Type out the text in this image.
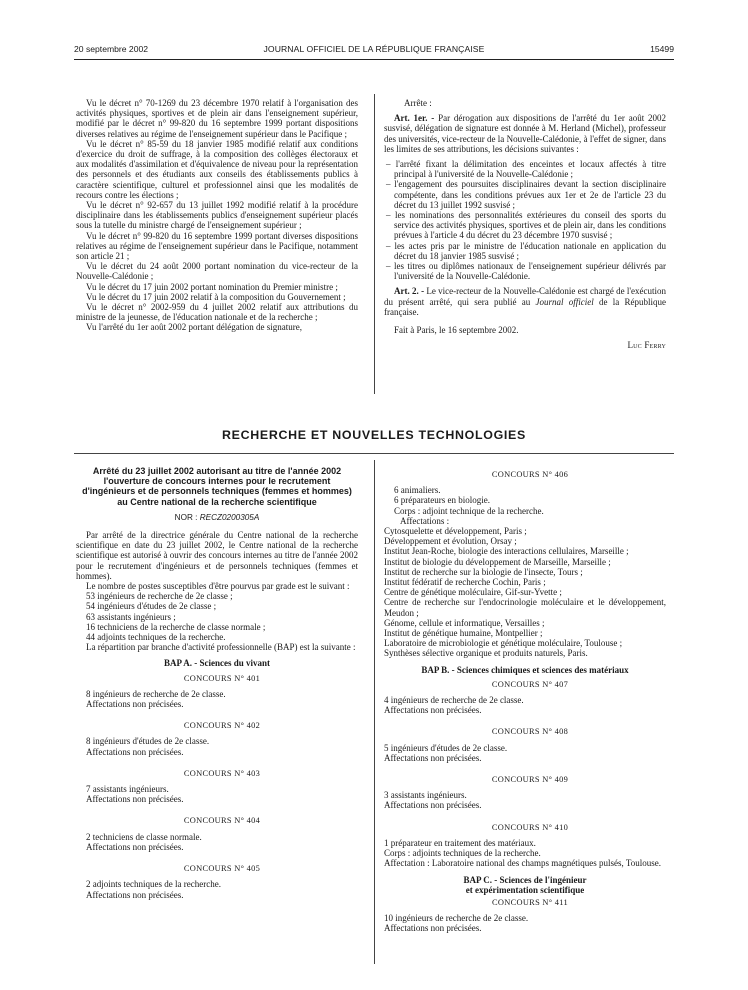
20 septembre 2002	JOURNAL OFFICIEL DE LA RÉPUBLIQUE FRANÇAISE	15499

Vu le décret n° 70-1269 du 23 décembre 1970 relatif à l'organisation des activités physiques, sportives et de plein air dans l'enseignement supérieur, modifié par le décret n° 99-820 du 16 septembre 1999 portant dispositions diverses relatives au régime de l'enseignement supérieur dans le Pacifique ;

Vu le décret n° 85-59 du 18 janvier 1985 modifié relatif aux conditions d'exercice du droit de suffrage, à la composition des collèges électoraux et aux modalités d'assimilation et d'équivalence de niveau pour la représentation des personnels et des étudiants aux conseils des établissements publics à caractère scientifique, culturel et professionnel ainsi que les modalités de recours contre les élections ;

Vu le décret n° 92-657 du 13 juillet 1992 modifié relatif à la procédure disciplinaire dans les établissements publics d'enseignement supérieur placés sous la tutelle du ministre chargé de l'enseignement supérieur ;

Vu le décret n° 99-820 du 16 septembre 1999 portant diverses dispositions relatives au régime de l'enseignement supérieur dans le Pacifique, notamment son article 21 ;

Vu le décret du 24 août 2000 portant nomination du vice-recteur de la Nouvelle-Calédonie ;

Vu le décret du 17 juin 2002 portant nomination du Premier ministre ;

Vu le décret du 17 juin 2002 relatif à la composition du Gouvernement ;

Vu le décret n° 2002-959 du 4 juillet 2002 relatif aux attributions du ministre de la jeunesse, de l'éducation nationale et de la recherche ;

Vu l'arrêté du 1er août 2002 portant délégation de signature,

Arrête :

Art. 1er. - Par dérogation aux dispositions de l'arrêté du 1er août 2002 susvisé, délégation de signature est donnée à M. Herland (Michel), professeur des universités, vice-recteur de la Nouvelle-Calédonie, à l'effet de signer, dans les limites de ses attributions, les décisions suivantes :

– l'arrêté fixant la délimitation des enceintes et locaux affectés à titre principal à l'université de la Nouvelle-Calédonie ;

– l'engagement des poursuites disciplinaires devant la section disciplinaire compétente, dans les conditions prévues aux 1er et 2e de l'article 23 du décret du 13 juillet 1992 susvisé ;

– les nominations des personnalités extérieures du conseil des sports du service des activités physiques, sportives et de plein air, dans les conditions prévues à l'article 4 du décret du 23 décembre 1970 susvisé ;

– les actes pris par le ministre de l'éducation nationale en application du décret du 18 janvier 1985 susvisé ;

– les titres ou diplômes nationaux de l'enseignement supérieur délivrés par l'université de la Nouvelle-Calédonie.

Art. 2. - Le vice-recteur de la Nouvelle-Calédonie est chargé de l'exécution du présent arrêté, qui sera publié au Journal officiel de la République française.

Fait à Paris, le 16 septembre 2002.

Luc Ferry

RECHERCHE ET NOUVELLES TECHNOLOGIES
Arrêté du 23 juillet 2002 autorisant au titre de l'année 2002 l'ouverture de concours internes pour le recrutement d'ingénieurs et de personnels techniques (femmes et hommes) au Centre national de la recherche scientifique
NOR : RECZ0200305A

Par arrêté de la directrice générale du Centre national de la recherche scientifique en date du 23 juillet 2002, le Centre national de la recherche scientifique est autorisé à ouvrir des concours internes au titre de l'année 2002 pour le recrutement d'ingénieurs et de personnels techniques (femmes et hommes).

Le nombre de postes susceptibles d'être pourvus par grade est le suivant :

53 ingénieurs de recherche de 2e classe ;

54 ingénieurs d'études de 2e classe ;

63 assistants ingénieurs ;

16 techniciens de la recherche de classe normale ;

44 adjoints techniques de la recherche.

La répartition par branche d'activité professionnelle (BAP) est la suivante :

BAP A. - Sciences du vivant

CONCOURS N° 401

8 ingénieurs de recherche de 2e classe.

Affectations non précisées.

CONCOURS N° 402

8 ingénieurs d'études de 2e classe.

Affectations non précisées.

CONCOURS N° 403

7 assistants ingénieurs.

Affectations non précisées.

CONCOURS N° 404

2 techniciens de classe normale.

Affectations non précisées.

CONCOURS N° 405

2 adjoints techniques de la recherche.

Affectations non précisées.

CONCOURS N° 406

6 animaliers.

6 préparateurs en biologie.

Corps : adjoint technique de la recherche.

Affectations :

Cytosquelette et développement, Paris ;

Développement et évolution, Orsay ;

Institut Jean-Roche, biologie des interactions cellulaires, Marseille ;

Institut de biologie du développement de Marseille, Marseille ;

Institut de recherche sur la biologie de l'insecte, Tours ;

Institut fédératif de recherche Cochin, Paris ;

Centre de génétique moléculaire, Gif-sur-Yvette ;

Centre de recherche sur l'endocrinologie moléculaire et le développement, Meudon ;

Génome, cellule et informatique, Versailles ;

Institut de génétique humaine, Montpellier ;

Laboratoire de microbiologie et génétique moléculaire, Toulouse ;

Synthèses sélective organique et produits naturels, Paris.

BAP B. - Sciences chimiques et sciences des matériaux

CONCOURS N° 407

4 ingénieurs de recherche de 2e classe.

Affectations non précisées.

CONCOURS N° 408

5 ingénieurs d'études de 2e classe.

Affectations non précisées.

CONCOURS N° 409

3 assistants ingénieurs.

Affectations non précisées.

CONCOURS N° 410

1 préparateur en traitement des matériaux.

Corps : adjoints techniques de la recherche.

Affectation : Laboratoire national des champs magnétiques pulsés, Toulouse.

BAP C. - Sciences de l'ingénieur
et expérimentation scientifique

CONCOURS N° 411

10 ingénieurs de recherche de 2e classe.

Affectations non précisées.
